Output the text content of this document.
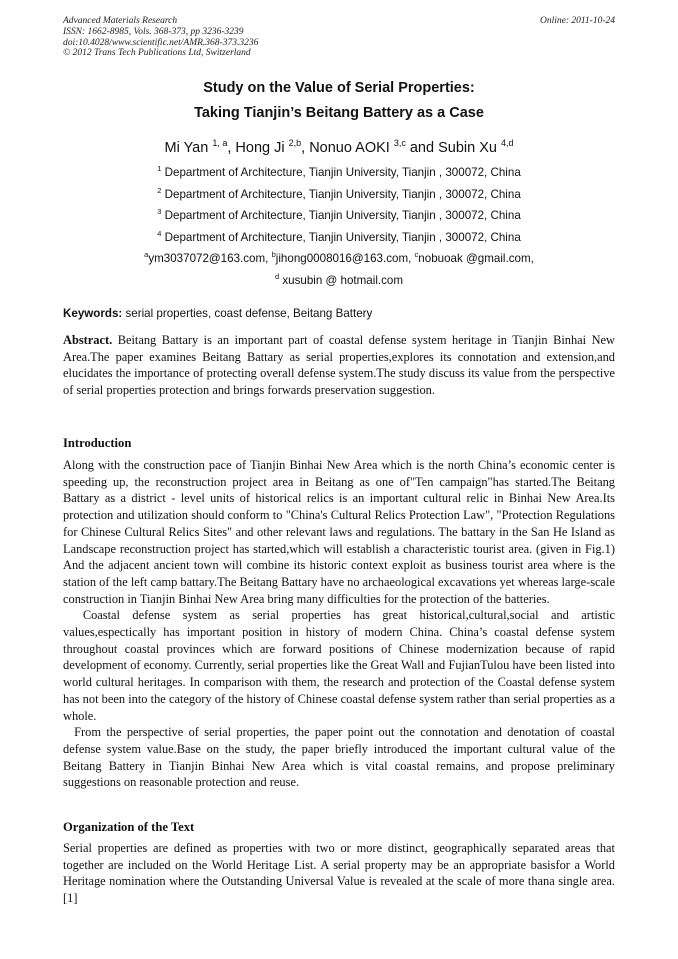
Advanced Materials Research
ISSN: 1662-8985, Vols. 368-373, pp 3236-3239
doi:10.4028/www.scientific.net/AMR.368-373.3236
© 2012 Trans Tech Publications Ltd, Switzerland
Online: 2011-10-24
Study on the Value of Serial Properties:
Taking Tianjin’s Beitang Battery as a Case
Mi Yan $^{1, a}$, Hong Ji $^{2,b}$, Nonuo AOKI $^{3,c}$ and Subin Xu $^{4,d}$
$^1$ Department of Architecture, Tianjin University, Tianjin , 300072, China
$^2$ Department of Architecture, Tianjin University, Tianjin , 300072, China
$^3$ Department of Architecture, Tianjin University, Tianjin , 300072, China
$^4$ Department of Architecture, Tianjin University, Tianjin , 300072, China
$^a$ym3037072@163.com, $^b$jihong0008016@163.com, $^c$nobuoak @gmail.com,
$^d$ xusubin @ hotmail.com
Keywords: serial properties, coast defense, Beitang Battery

Abstract. Beitang Battary is an important part of coastal defense system heritage in Tianjin Binhai New Area.The paper examines Beitang Battary as serial properties,explores its connotation and extension,and elucidates the importance of protecting overall defense system.The study discuss its value from the perspective of serial properties protection and brings forwards preservation suggestion.

Introduction

Along with the construction pace of Tianjin Binhai New Area which is the north China’s economic center is speeding up, the reconstruction project area in Beitang as one of"Ten campaign"has started.The Beitang Battary as a district - level units of historical relics is an important cultural relic in Binhai New Area.Its protection and utilization should conform to "China's Cultural Relics Protection Law", "Protection Regulations for Chinese Cultural Relics Sites" and other relevant laws and regulations. The battary in the San He Island as Landscape reconstruction project has started,which will establish a characteristic tourist area. (given in Fig.1) And the adjacent ancient town will combine its historic context exploit as business tourist area where is the station of the left camp battary.The Beitang Battary have no archaeological excavations yet whereas large-scale construction in Tianjin Binhai New Area bring many difficulties for the protection of the batteries.

Coastal defense system as serial properties has great historical,cultural,social and artistic values,espectically has important position in history of modern China. China’s coastal defense system throughout coastal provinces which are forward positions of Chinese modernization because of rapid development of economy. Currently, serial properties like the Great Wall and FujianTulou have been listed into world cultural heritages. In comparison with them, the research and protection of the Coastal defense system has not been into the category of the history of Chinese coastal defense system rather than serial properties as a whole.

From the perspective of serial properties, the paper point out the connotation and denotation of coastal defense system value.Base on the study, the paper briefly introduced the important cultural value of the Beitang Battery in Tianjin Binhai New Area which is vital coastal remains, and propose preliminary suggestions on reasonable protection and reuse.

Organization of the Text

Serial properties are defined as properties with two or more distinct, geographically separated areas that together are included on the World Heritage List. A serial property may be an appropriate basisfor a World Heritage nomination where the Outstanding Universal Value is revealed at the scale of more thana single area. [1]
